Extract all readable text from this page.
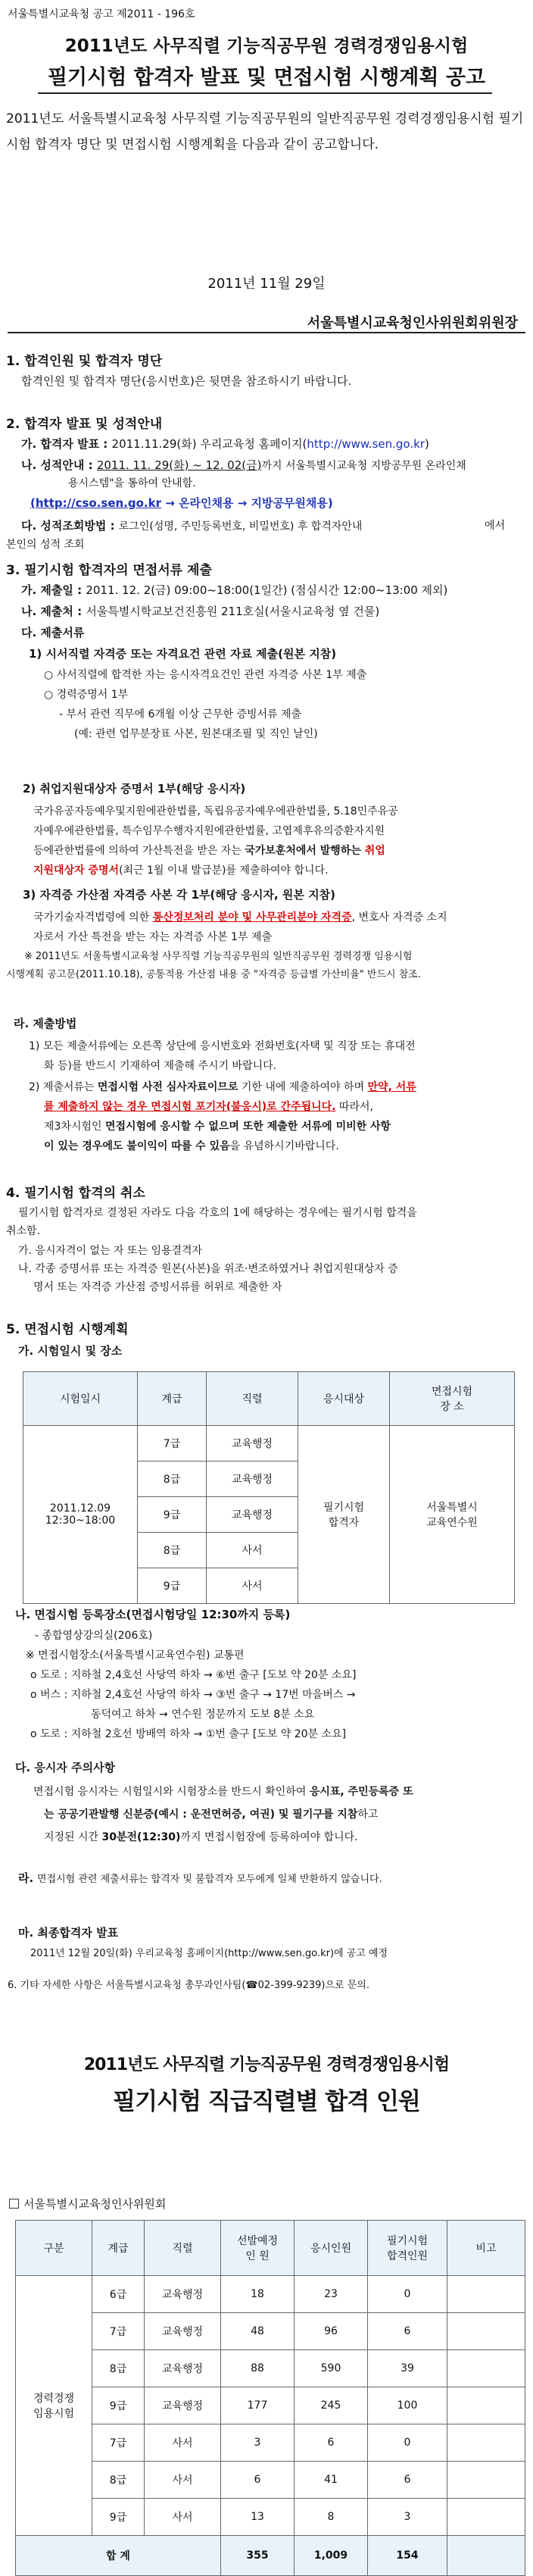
서울특별시교육청 공고 제2011 - 196호
2011년도 사무직렬 기능직공무원 경력경쟁임용시험
필기시험 합격자 발표 및 면접시험 시행계획 공고
2011년도 서울특별시교육청 사무직렬 기능직공무원의 일반직공무원 경력경쟁임용시험 필기시험 합격자 명단 및 면접시험 시행계획을 다음과 같이 공고합니다.
2011년 11월 29일
서울특별시교육청인사위원회위원장
1. 합격인원 및 합격자 명단
합격인원 및 합격자 명단(응시번호)은 뒷면을 참조하시기 바랍니다.
2. 합격자 발표 및 성적안내
가. 합격자 발표 : 2011.11.29(화) 우리교육청 홈페이지(http://www.sen.go.kr)
나. 성적안내 : 2011. 11. 29(화) ~ 12. 02(금)까지 서울특별시교육청 지방공무원 온라인채
용시스템"을 통하여 안내함.
(http://cso.sen.go.kr → 온라인채용 → 지방공무원채용)
다. 성적조회방법 : 로그인(성명, 주민등록번호, 비밀번호) 후 합격자안내	에서
본인의 성적 조회
3. 필기시험 합격자의 면접서류 제출
가. 제출일 : 2011. 12. 2(금) 09:00~18:00(1일간) (점심시간 12:00~13:00 제외)
나. 제출처 : 서울특별시학교보건진흥원 211호실(서울시교육청 옆 건물)
다. 제출서류
1) 시서직렬 자격증 또는 자격요건 관련 자료 제출(원본 지참)
○ 사서직렬에 합격한 자는 응시자격요건인 관련 자격증 사본 1부 제출
○ 경력증명서 1부
- 부서 관련 직무에 6개월 이상 근무한 증빙서류 제출
(예: 관련 업무분장표 사본, 원본대조필 및 직인 날인)
2) 취업지원대상자 증명서 1부(해당 응시자)
국가유공자등예우및지원에관한법률, 독립유공자예우에관한법률, 5.18민주유공
자예우에관한법률, 특수임무수행자지원에관한법률, 고엽제후유의증환자지원
등에관한법률에 의하여 가산특전을 받은 자는 국가보훈처에서 발행하는 취업
지원대상자 증명서(최근 1월 이내 발급분)를 제출하여야 합니다.
3) 자격증 가산점 자격증 사본 각 1부(해당 응시자, 원본 지참)
국가기술자격법령에 의한 통산정보처리 분야 및 사무관리분야 자격증, 변호사 자격증 소지
자로서 가산 특전을 받는 자는 자격증 사본 1부 제출
※ 2011년도 서울특별시교육청 사무직렬 기능직공무원의 일반직공무원 경력경쟁 임용시험
시행계획 공고문(2011.10.18), 공통적용 가산점 내용 중 "자격증 등급별 가산비율" 반드시 참조.
라. 제출방법
1) 모든 제출서류에는 오른쪽 상단에 응시번호와 전화번호(자택 및 직장 또는 휴대전
화 등)를 반드시 기재하여 제출해 주시기 바랍니다.
2) 제출서류는 면접시험 사전 심사자료이므로 기한 내에 제출하여야 하며 만약, 서류
를 제출하지 않는 경우 면접시험 포기자(불응시)로 간주됩니다. 따라서,
제3차시험인 면접시험에 응시할 수 없으며 또한 제출한 서류에 미비한 사항
이 있는 경우에도 불이익이 따를 수 있음을 유념하시기바랍니다.
4. 필기시험 합격의 취소
필기시험 합격자로 결정된 자라도 다음 각호의 1에 해당하는 경우에는 필기시험 합격을
취소함.
가. 응시자격이 없는 자 또는 임용결격자
나. 각종 증명서류 또는 자격증 원본(사본)을 위조·변조하였거나 취업지원대상자 증
명서 또는 자격증 가산점 증빙서류를 허위로 제출한 자
5. 면접시험 시행계획
가. 시험일시 및 장소
시험일시	계급	직렬	응시대상	면접시험
장 소
2011.12.09
12:30~18:00	7급	교육행정	필기시험
합격자	서울특별시
교육연수원
	8급	교육행정		
	9급	교육행정		
	8급	사서		
	9급	사서		
나. 면접시험 등록장소(면접시험당일 12:30까지 등록)
- 종합영상강의실(206호)
※ 면접시험장소(서울특별시교육연수원) 교통편
o 도로 : 지하철 2,4호선 사당역 하차 → ⑥번 출구 [도보 약 20분 소요]
o 버스 : 지하철 2,4호선 사당역 하차 → ③번 출구 → 17번 마을버스 →
동덕여고 하차 → 연수원 정문까지 도보 8분 소요
o 도로 : 지하철 2호선 방배역 하차 → ①번 출구 [도보 약 20분 소요]
다. 응시자 주의사항
면접시험 응시자는 시험일시와 시험장소를 반드시 확인하여 응시표, 주민등록증 또
는 공공기관발행 신분증(예시 : 운전면허증, 여권) 및 필기구를 지참하고
지정된 시간 30분전(12:30)까지 면접시험장에 등록하여야 합니다.
라. 면접시험 관련 제출서류는 합격자 및 불합격자 모두에게 일체 반환하지 않습니다.
마. 최종합격자 발표
2011년 12월 20일(화) 우리교육청 홈페이지(http://www.sen.go.kr)에 공고 예정
6. 기타 자세한 사항은 서울특별시교육청 총무과인사팀(☎02-399-9239)으로 문의.
2011년도 사무직렬 기능직공무원 경력경쟁임용시험
필기시험 직급직렬별 합격 인원
서울특별시교육청인사위원회
구분	계급	직렬	선발예정
인 원	응시인원	필기시험
합격인원	비고
경력경쟁
임용시험	6급	교육행정	18	23	0	
	7급	교육행정	48	96	6	
	8급	교육행정	88	590	39	
	9급	교육행정	177	245	100	
	7급	사서	3	6	0	
	8급	사서	6	41	6	
	9급	사서	13	8	3	
합 계			355	1,009	154	
